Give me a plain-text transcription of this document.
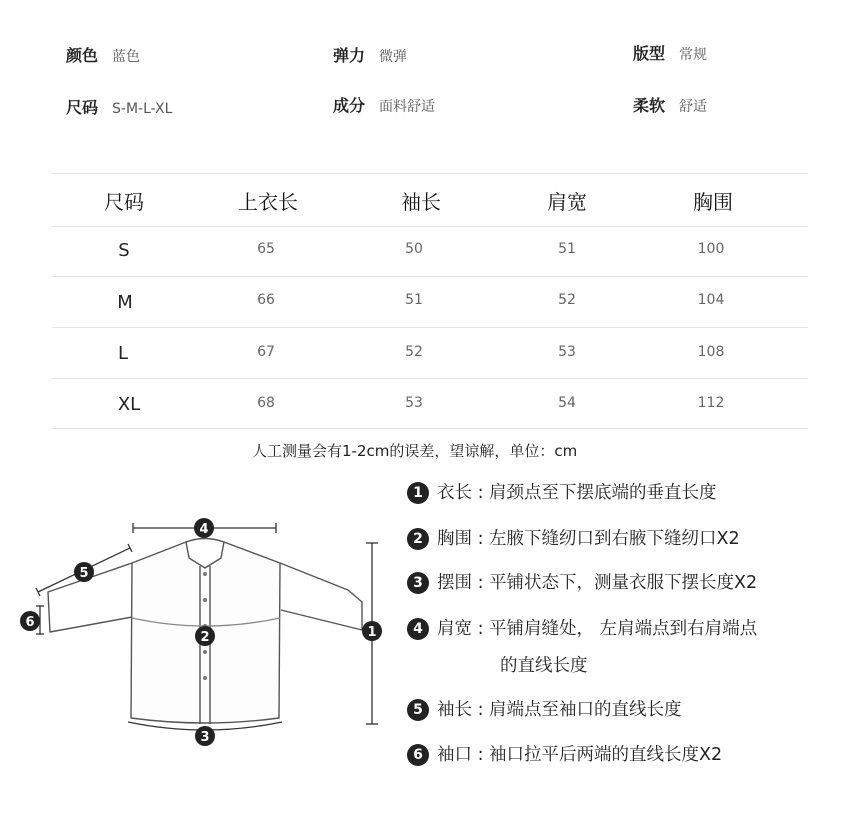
颜色 蓝色	弹力 微弹	版型 常规
尺码 S-M-L-XL	成分 面料舒适	柔软 舒适
尺码	上衣长	袖长	肩宽	胸围
S	65	50	51	100
M	66	51	52	104
L	67	52	53	108
XL	68	53	54	112
人工测量会有1-2cm的误差，望谅解，单位：cm
4
5
6
1
2
3
1 衣长 : 肩颈点至下摆底端的垂直长度
2 胸围 : 左腋下缝纫口到右腋下缝纫口X2
3 摆围 : 平铺状态下，测量衣服下摆长度X2
4 肩宽 : 平铺肩缝处， 左肩端点到右肩端点
的直线长度
5 袖长 : 肩端点至袖口的直线长度
6 袖口 : 袖口拉平后两端的直线长度X2
